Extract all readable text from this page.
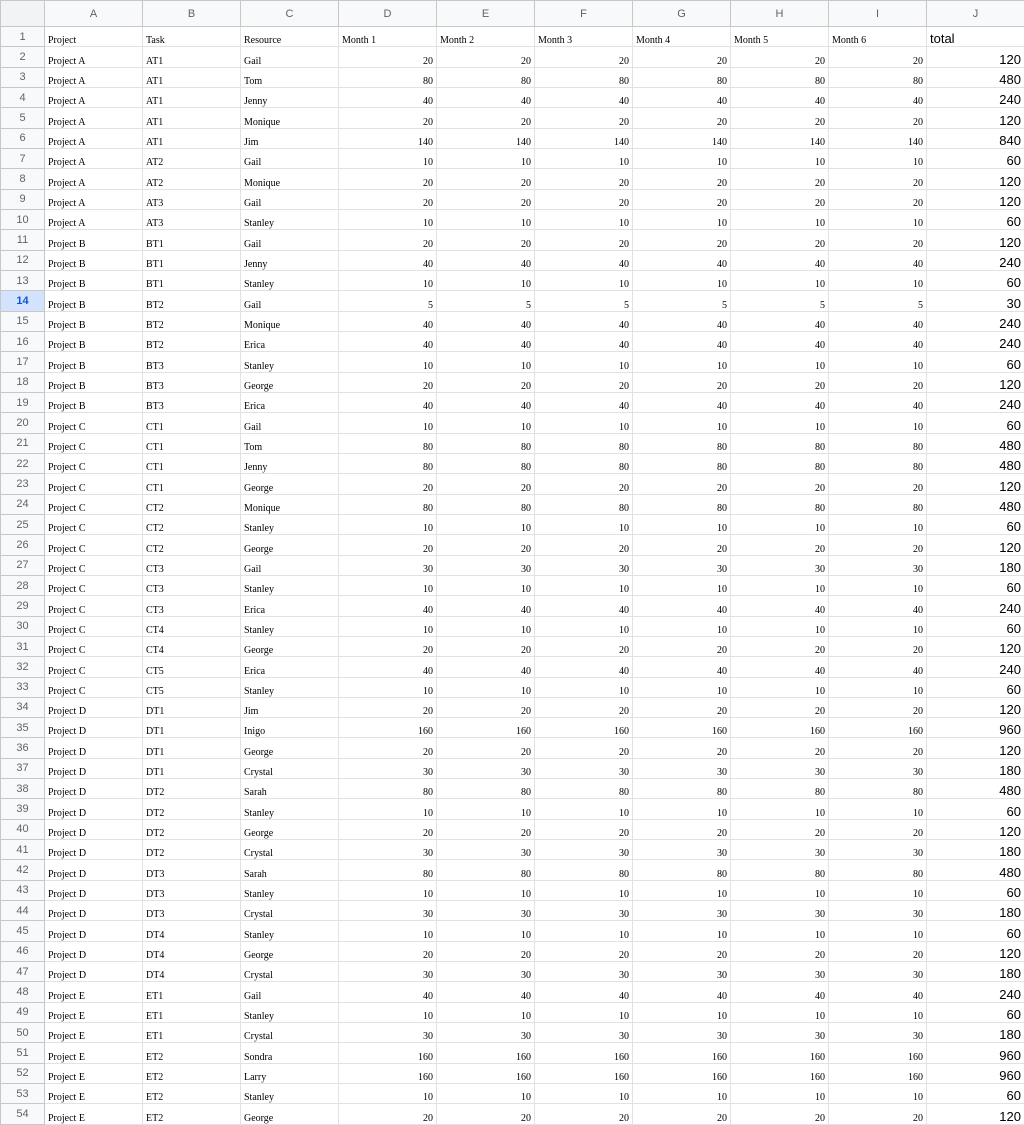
	A	B	C	D	E	F	G	H	I	J
1	Project	Task	Resource	Month 1	Month 2	Month 3	Month 4	Month 5	Month 6	total
2	Project A	AT1	Gail	20	20	20	20	20	20	120
3	Project A	AT1	Tom	80	80	80	80	80	80	480
4	Project A	AT1	Jenny	40	40	40	40	40	40	240
5	Project A	AT1	Monique	20	20	20	20	20	20	120
6	Project A	AT1	Jim	140	140	140	140	140	140	840
7	Project A	AT2	Gail	10	10	10	10	10	10	60
8	Project A	AT2	Monique	20	20	20	20	20	20	120
9	Project A	AT3	Gail	20	20	20	20	20	20	120
10	Project A	AT3	Stanley	10	10	10	10	10	10	60
11	Project B	BT1	Gail	20	20	20	20	20	20	120
12	Project B	BT1	Jenny	40	40	40	40	40	40	240
13	Project B	BT1	Stanley	10	10	10	10	10	10	60
14	Project B	BT2	Gail	5	5	5	5	5	5	30
15	Project B	BT2	Monique	40	40	40	40	40	40	240
16	Project B	BT2	Erica	40	40	40	40	40	40	240
17	Project B	BT3	Stanley	10	10	10	10	10	10	60
18	Project B	BT3	George	20	20	20	20	20	20	120
19	Project B	BT3	Erica	40	40	40	40	40	40	240
20	Project C	CT1	Gail	10	10	10	10	10	10	60
21	Project C	CT1	Tom	80	80	80	80	80	80	480
22	Project C	CT1	Jenny	80	80	80	80	80	80	480
23	Project C	CT1	George	20	20	20	20	20	20	120
24	Project C	CT2	Monique	80	80	80	80	80	80	480
25	Project C	CT2	Stanley	10	10	10	10	10	10	60
26	Project C	CT2	George	20	20	20	20	20	20	120
27	Project C	CT3	Gail	30	30	30	30	30	30	180
28	Project C	CT3	Stanley	10	10	10	10	10	10	60
29	Project C	CT3	Erica	40	40	40	40	40	40	240
30	Project C	CT4	Stanley	10	10	10	10	10	10	60
31	Project C	CT4	George	20	20	20	20	20	20	120
32	Project C	CT5	Erica	40	40	40	40	40	40	240
33	Project C	CT5	Stanley	10	10	10	10	10	10	60
34	Project D	DT1	Jim	20	20	20	20	20	20	120
35	Project D	DT1	Inigo	160	160	160	160	160	160	960
36	Project D	DT1	George	20	20	20	20	20	20	120
37	Project D	DT1	Crystal	30	30	30	30	30	30	180
38	Project D	DT2	Sarah	80	80	80	80	80	80	480
39	Project D	DT2	Stanley	10	10	10	10	10	10	60
40	Project D	DT2	George	20	20	20	20	20	20	120
41	Project D	DT2	Crystal	30	30	30	30	30	30	180
42	Project D	DT3	Sarah	80	80	80	80	80	80	480
43	Project D	DT3	Stanley	10	10	10	10	10	10	60
44	Project D	DT3	Crystal	30	30	30	30	30	30	180
45	Project D	DT4	Stanley	10	10	10	10	10	10	60
46	Project D	DT4	George	20	20	20	20	20	20	120
47	Project D	DT4	Crystal	30	30	30	30	30	30	180
48	Project E	ET1	Gail	40	40	40	40	40	40	240
49	Project E	ET1	Stanley	10	10	10	10	10	10	60
50	Project E	ET1	Crystal	30	30	30	30	30	30	180
51	Project E	ET2	Sondra	160	160	160	160	160	160	960
52	Project E	ET2	Larry	160	160	160	160	160	160	960
53	Project E	ET2	Stanley	10	10	10	10	10	10	60
54	Project E	ET2	George	20	20	20	20	20	20	120
